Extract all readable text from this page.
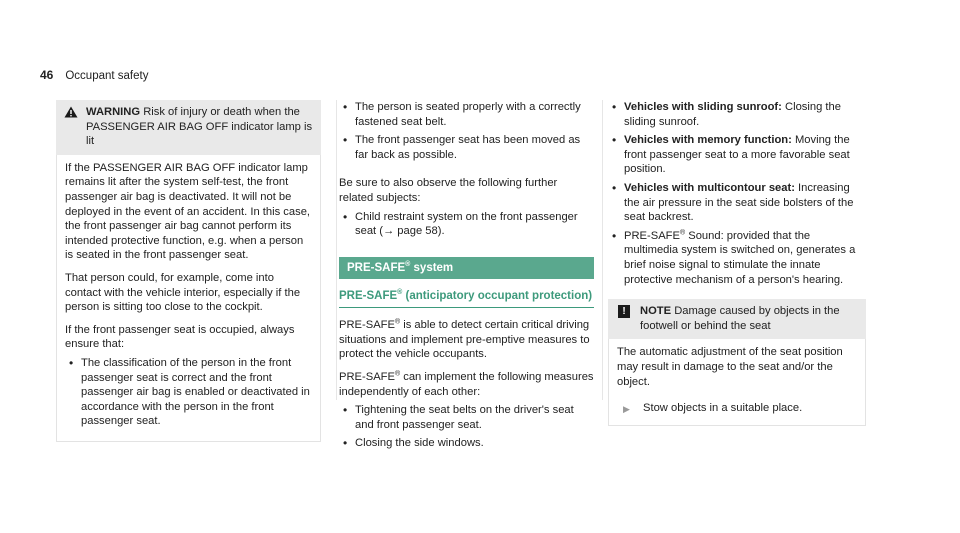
46 Occupant safety
WARNING Risk of injury or death when the PASSENGER AIR BAG OFF indicator lamp is lit

If the PASSENGER AIR BAG OFF indicator lamp remains lit after the system self-test, the front passenger air bag is deactivated. It will not be deployed in the event of an accident. In this case, the front passenger air bag cannot perform its intended protective function, e.g. when a person is seated in the front passenger seat.

That person could, for example, come into contact with the vehicle interior, especially if the person is sitting too close to the cockpit.

If the front passenger seat is occupied, always ensure that:

• The classification of the person in the front passenger seat is correct and the front passenger air bag is enabled or deactivated in accordance with the person in the front passenger seat.
• The person is seated properly with a correctly fastened seat belt.
• The front passenger seat has been moved as far back as possible.

Be sure to also observe the following further related subjects:

• Child restraint system on the front passenger seat (→ page 58).
PRE-SAFE® system
PRE-SAFE® (anticipatory occupant protection)

PRE-SAFE® is able to detect certain critical driving situations and implement pre-emptive measures to protect the vehicle occupants.

PRE-SAFE® can implement the following measures independently of each other:

• Tightening the seat belts on the driver's seat and front passenger seat.
• Closing the side windows.
• Vehicles with sliding sunroof: Closing the sliding sunroof.
• Vehicles with memory function: Moving the front passenger seat to a more favorable seat position.
• Vehicles with multicontour seat: Increasing the air pressure in the seat side bolsters of the seat backrest.
• PRE-SAFE® Sound: provided that the multimedia system is switched on, generates a brief noise signal to stimulate the innate protective mechanism of a person's hearing.
!	NOTE Damage caused by objects in the footwell or behind the seat

The automatic adjustment of the seat position may result in damage to the seat and/or the object.

▶	Stow objects in a suitable place.
